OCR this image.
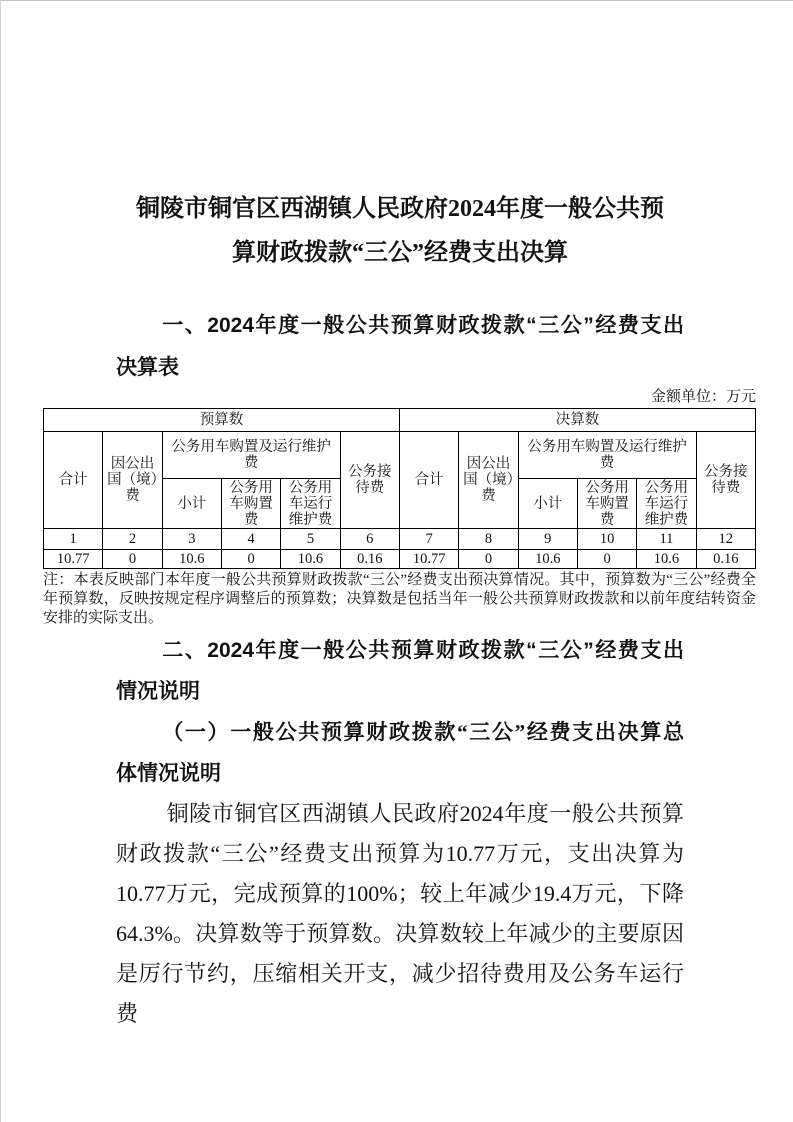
铜陵市铜官区西湖镇人民政府2024年度一般公共预
算财政拨款“三公”经费支出决算
一、2024年度一般公共预算财政拨款“三公”经费支出
决算表
金额单位：万元
预算数						决算数					
合计	因公出国（境）费	公务用车购置及运行维护费			公务接待费	合计	因公出国（境）费	公务用车购置及运行维护费			公务接待费
		小计	公务用车购置费	公务用车运行维护费				小计	公务用车购置费	公务用车运行维护费	
1	2	3	4	5	6	7	8	9	10	11	12
10.77	0	10.6	0	10.6	0.16	10.77	0	10.6	0	10.6	0.16
注：本表反映部门本年度一般公共预算财政拨款“三公”经费支出预决算情况。其中，预算数为“三公”经费全年预算数，反映按规定程序调整后的预算数；决算数是包括当年一般公共预算财政拨款和以前年度结转资金安排的实际支出。
二、2024年度一般公共预算财政拨款“三公”经费支出
情况说明
（一）一般公共预算财政拨款“三公”经费支出决算总
体情况说明
铜陵市铜官区西湖镇人民政府2024年度一般公共预算
财政拨款“三公”经费支出预算为10.77万元，支出决算为
10.77万元，完成预算的100%；较上年减少19.4万元，下降
64.3%。决算数等于预算数。决算数较上年减少的主要原因
是厉行节约，压缩相关开支，减少招待费用及公务车运行费
